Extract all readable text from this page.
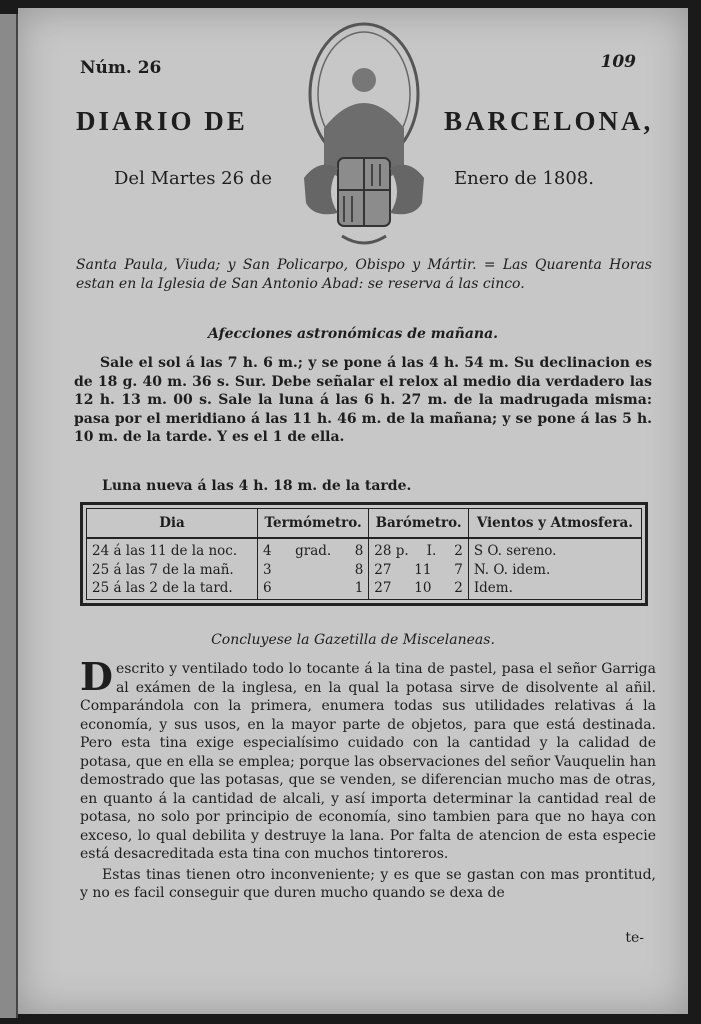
Núm. 26	109
DIARIO DE	BARCELONA,
Del Martes 26 de	Enero de 1808.
Santa Paula, Viuda; y San Policarpo, Obispo y Mártir. = Las Quarenta Horas estan en la Iglesia de San Antonio Abad: se reserva á las cinco.
Afecciones astronómicas de mañana.
Sale el sol á las 7 h. 6 m.; y se pone á las 4 h. 54 m. Su declinacion es de 18 g. 40 m. 36 s. Sur. Debe señalar el relox al medio dia verdadero las 12 h. 13 m. 00 s. Sale la luna á las 6 h. 27 m. de la madrugada misma: pasa por el meridiano á las 11 h. 46 m. de la mañana; y se pone á las 5 h. 10 m. de la tarde. Y es el 1 de ella.
Luna nueva á las 4 h. 18 m. de la tarde.
Dia	Termómetro.	Barómetro.	Vientos y Atmosfera.
24 á las 11 de la noc.	4 grad. 8	28 p. I. 2	S O. sereno.
25 á las 7 de la mañ.	3 8	27 11 7	N. O. idem.
25 á las 2 de la tard.	6 1	27 10 2	Idem.
Concluyese la Gazetilla de Miscelaneas.

Descrito y ventilado todo lo tocante á la tina de pastel, pasa el señor Garriga al exámen de la inglesa, en la qual la potasa sirve de disolvente al añil. Comparándola con la primera, enumera todas sus utilidades relativas á la economía, y sus usos, en la mayor parte de objetos, para que está destinada. Pero esta tina exige especialísimo cuidado con la cantidad y la calidad de potasa, que en ella se emplea; porque las observaciones del señor Vauquelin han demostrado que las potasas, que se venden, se diferencian mucho mas de otras, en quanto á la cantidad de alcali, y así importa determinar la cantidad real de potasa, no solo por principio de economía, sino tambien para que no haya con exceso, lo qual debilita y destruye la lana. Por falta de atencion de esta especie está desacreditada esta tina con muchos tintoreros.

Estas tinas tienen otro inconveniente; y es que se gastan con mas prontitud, y no es facil conseguir que duren mucho quando se dexa de

te-
